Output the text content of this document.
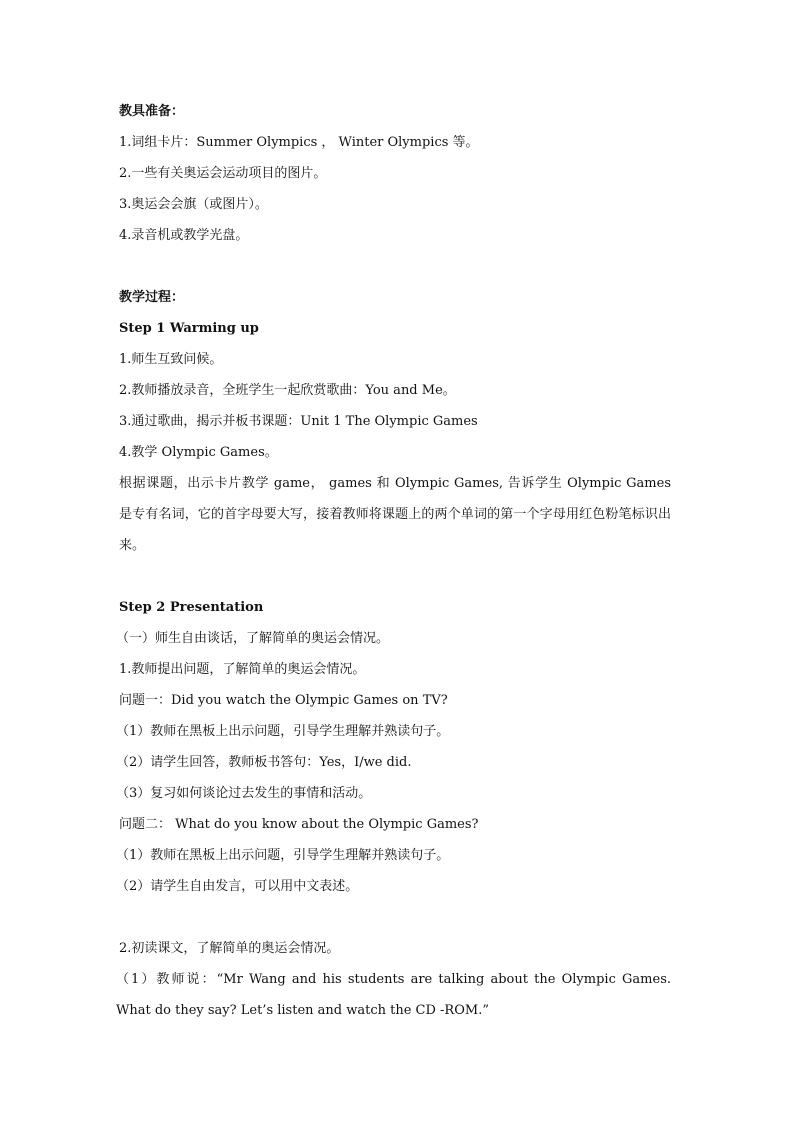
教具准备：
1.词组卡片：Summer Olympics ， Winter Olympics 等。
2.一些有关奥运会运动项目的图片。
3.奥运会会旗（或图片）。
4.录音机或教学光盘。
教学过程：
Step 1 Warming up
1.师生互致问候。
2.教师播放录音，全班学生一起欣赏歌曲：You and Me。
3.通过歌曲，揭示并板书课题：Unit 1 The Olympic Games
4.教学 Olympic Games。
根据课题，出示卡片教学 game， games 和 Olympic Games, 告诉学生 Olympic Games 是专有名词，它的首字母要大写，接着教师将课题上的两个单词的第一个字母用红色粉笔标识出来。
Step 2 Presentation
（一）师生自由谈话，了解简单的奥运会情况。
1.教师提出问题，了解简单的奥运会情况。
问题一：Did you watch the Olympic Games on TV?
（1）教师在黑板上出示问题，引导学生理解并熟读句子。
（2）请学生回答，教师板书答句：Yes，I/we did.
（3）复习如何谈论过去发生的事情和活动。
问题二： What do you know about the Olympic Games?
（1）教师在黑板上出示问题，引导学生理解并熟读句子。
（2）请学生自由发言，可以用中文表述。
2.初读课文，了解简单的奥运会情况。
（1）教师说：“Mr Wang and his students are talking about the Olympic Games. What do they say? Let’s listen and watch the CD -ROM.”
